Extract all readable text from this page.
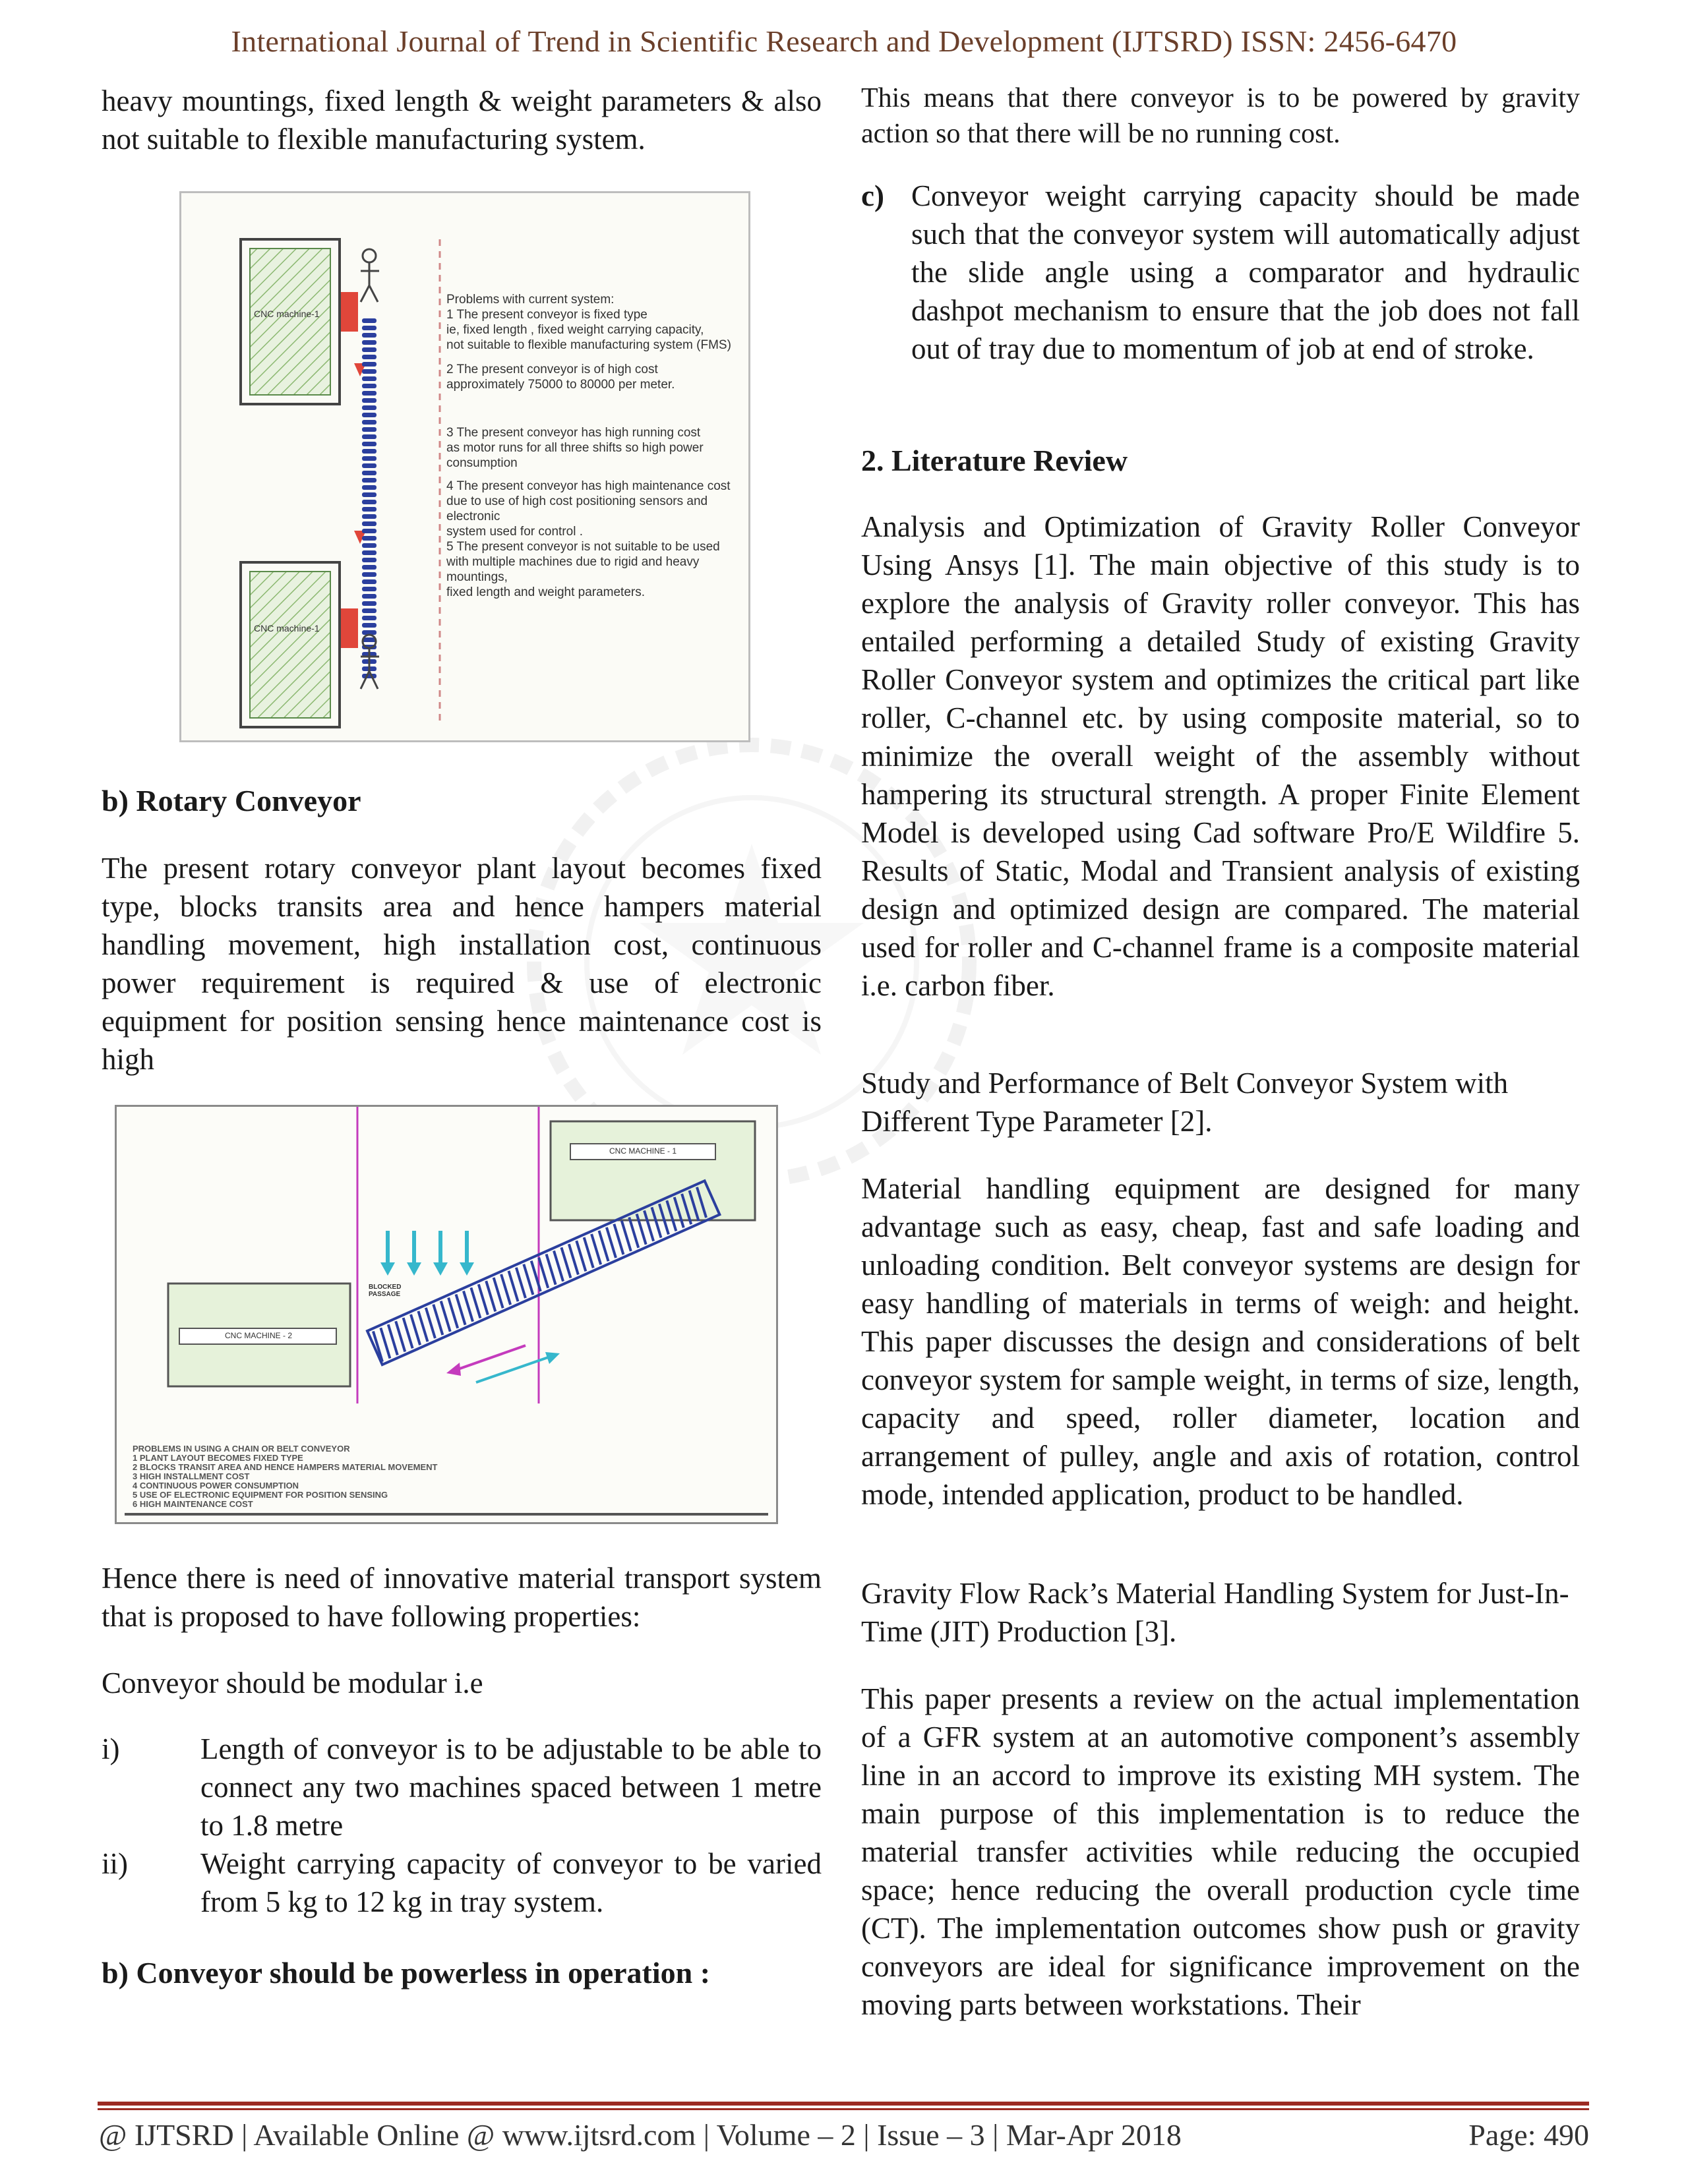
International Journal of Trend in Scientific Research and Development (IJTSRD) ISSN: 2456-6470

heavy mountings, fixed length & weight parameters & also not suitable to flexible manufacturing system.

CNC machine-1
CNC machine-1
Problems with current system:
1 The present conveyor is fixed type
ie, fixed length , fixed weight carrying capacity,
not suitable to flexible manufacturing system (FMS)
2 The present conveyor is of high cost
approximately 75000 to 80000 per meter.
3 The present conveyor has high running cost
as motor runs for all three shifts so high power
consumption
4 The present conveyor has high maintenance cost
due to use of high cost positioning sensors and electronic
system used for control .
5 The present conveyor is not suitable to be used
with multiple machines due to rigid and heavy mountings,
fixed length and weight parameters.
b) Rotary Conveyor

The present rotary conveyor plant layout becomes fixed type, blocks transits area and hence hampers material handling movement, high installation cost, continuous power requirement is required & use of electronic equipment for position sensing hence maintenance cost is high

CNC MACHINE - 1
CNC MACHINE - 2
BLOCKED PASSAGE
PROBLEMS IN USING A CHAIN OR BELT CONVEYOR
1 PLANT LAYOUT BECOMES FIXED TYPE
2 BLOCKS TRANSIT AREA AND HENCE HAMPERS MATERIAL MOVEMENT
3 HIGH INSTALLMENT COST
4 CONTINUOUS POWER CONSUMPTION
5 USE OF ELECTRONIC EQUIPMENT FOR POSITION SENSING
6 HIGH MAINTENANCE COST

Hence there is need of innovative material transport system that is proposed to have following properties:

Conveyor should be modular i.e

i)	Length of conveyor is to be adjustable to be able to connect any two machines spaced between 1 metre to 1.8 metre
ii)	Weight carrying capacity of conveyor to be varied from 5 kg to 12 kg in tray system.
b) Conveyor should be powerless in operation :

This means that there conveyor is to be powered by gravity action so that there will be no running cost.

c) Conveyor weight carrying capacity should be made such that the conveyor system will automatically adjust the slide angle using a comparator and hydraulic dashpot mechanism to ensure that the job does not fall out of tray due to momentum of job at end of stroke.
2. Literature Review

Analysis and Optimization of Gravity Roller Conveyor Using Ansys [1]. The main objective of this study is to explore the analysis of Gravity roller conveyor. This has entailed performing a detailed Study of existing Gravity Roller Conveyor system and optimizes the critical part like roller, C-channel etc. by using composite material, so to minimize the overall weight of the assembly without hampering its structural strength. A proper Finite Element Model is developed using Cad software Pro/E Wildfire 5. Results of Static, Modal and Transient analysis of existing design and optimized design are compared. The material used for roller and C-channel frame is a composite material i.e. carbon fiber.

Study and Performance of Belt Conveyor System with Different Type Parameter [2].

Material handling equipment are designed for many advantage such as easy, cheap, fast and safe loading and unloading condition. Belt conveyor systems are design for easy handling of materials in terms of weigh: and height. This paper discusses the design and considerations of belt conveyor system for sample weight, in terms of size, length, capacity and speed, roller diameter, location and arrangement of pulley, angle and axis of rotation, control mode, intended application, product to be handled.

Gravity Flow Rack’s Material Handling System for Just-In-Time (JIT) Production [3].

This paper presents a review on the actual implementation of a GFR system at an automotive component’s assembly line in an accord to improve its existing MH system. The main purpose of this implementation is to reduce the material transfer activities while reducing the occupied space; hence reducing the overall production cycle time (CT). The implementation outcomes show push or gravity conveyors are ideal for significance improvement on the moving parts between workstations. Their

@ IJTSRD | Available Online @ www.ijtsrd.com | Volume – 2 | Issue – 3 | Mar-Apr 2018	Page: 490
